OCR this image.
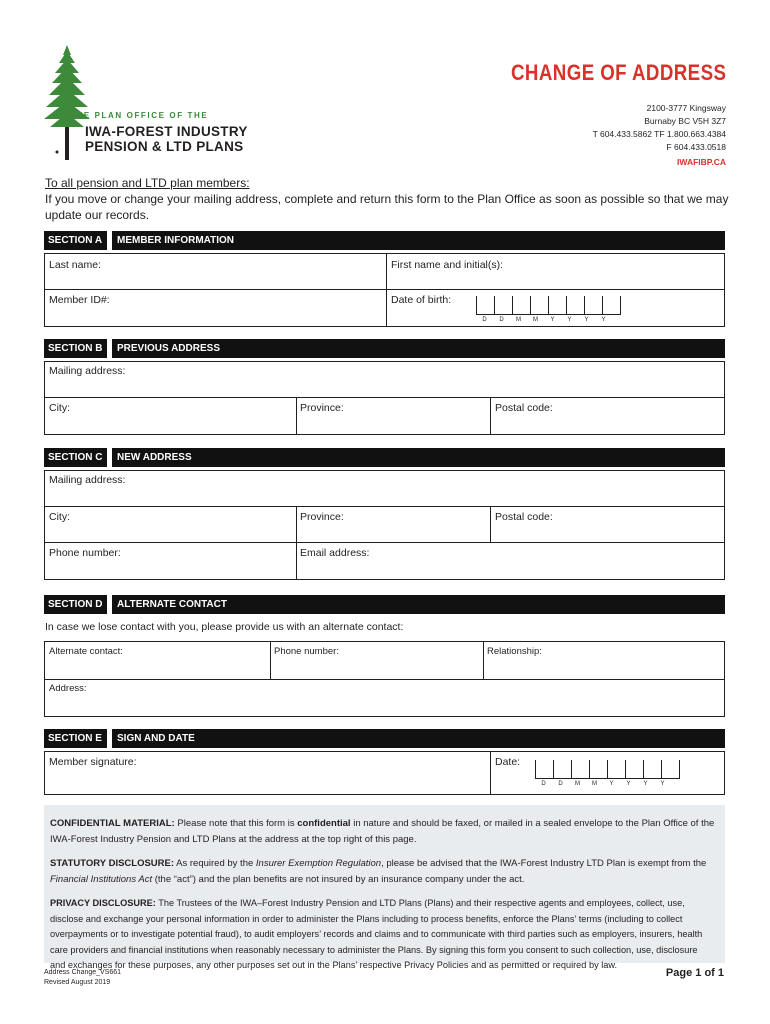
THE PLAN OFFICE OF THE
IWA-FOREST INDUSTRY
PENSION & LTD PLANS
CHANGE OF ADDRESS
2100-3777 Kingsway
Burnaby BC V5H 3Z7
T 604.433.5862 TF 1.800.663.4384
F 604.433.0518
IWAFIBP.CA
To all pension and LTD plan members:
If you move or change your mailing address, complete and return this form to the Plan Office as soon as possible so that we may update our records.
SECTION A MEMBER INFORMATION
Last name:	First name and initial(s):
Member ID#:	Date of birth:
D	D	M	M	Y	Y	Y	Y
SECTION B PREVIOUS ADDRESS
Mailing address:
City:	Province:	Postal code:
SECTION C NEW ADDRESS
Mailing address:
City:	Province:	Postal code:
Phone number:	Email address:
SECTION D ALTERNATE CONTACT
In case we lose contact with you, please provide us with an alternate contact:
Alternate contact:	Phone number:	Relationship:
Address:
SECTION E SIGN AND DATE
Member signature:	Date:
D	D	M	M	Y	Y	Y	Y

CONFIDENTIAL MATERIAL: Please note that this form is confidential in nature and should be faxed, or mailed in a sealed envelope to the Plan Office of the IWA-Forest Industry Pension and LTD Plans at the address at the top right of this page.

STATUTORY DISCLOSURE: As required by the Insurer Exemption Regulation, please be advised that the IWA-Forest Industry LTD Plan is exempt from the Financial Institutions Act (the “act”) and the plan benefits are not insured by an insurance company under the act.

PRIVACY DISCLOSURE: The Trustees of the IWA–Forest Industry Pension and LTD Plans (Plans) and their respective agents and employees, collect, use, disclose and exchange your personal information in order to administer the Plans including to process benefits, enforce the Plans’ terms (including to collect overpayments or to investigate potential fraud), to audit employers’ records and claims and to communicate with third parties such as employers, insurers, health care providers and financial institutions when reasonably necessary to administer the Plans. By signing this form you consent to such collection, use, disclosure and exchanges for these purposes, any other purposes set out in the Plans’ respective Privacy Policies and as permitted or required by law.

Address Change_VS661
Revised August 2019
Page 1 of 1
